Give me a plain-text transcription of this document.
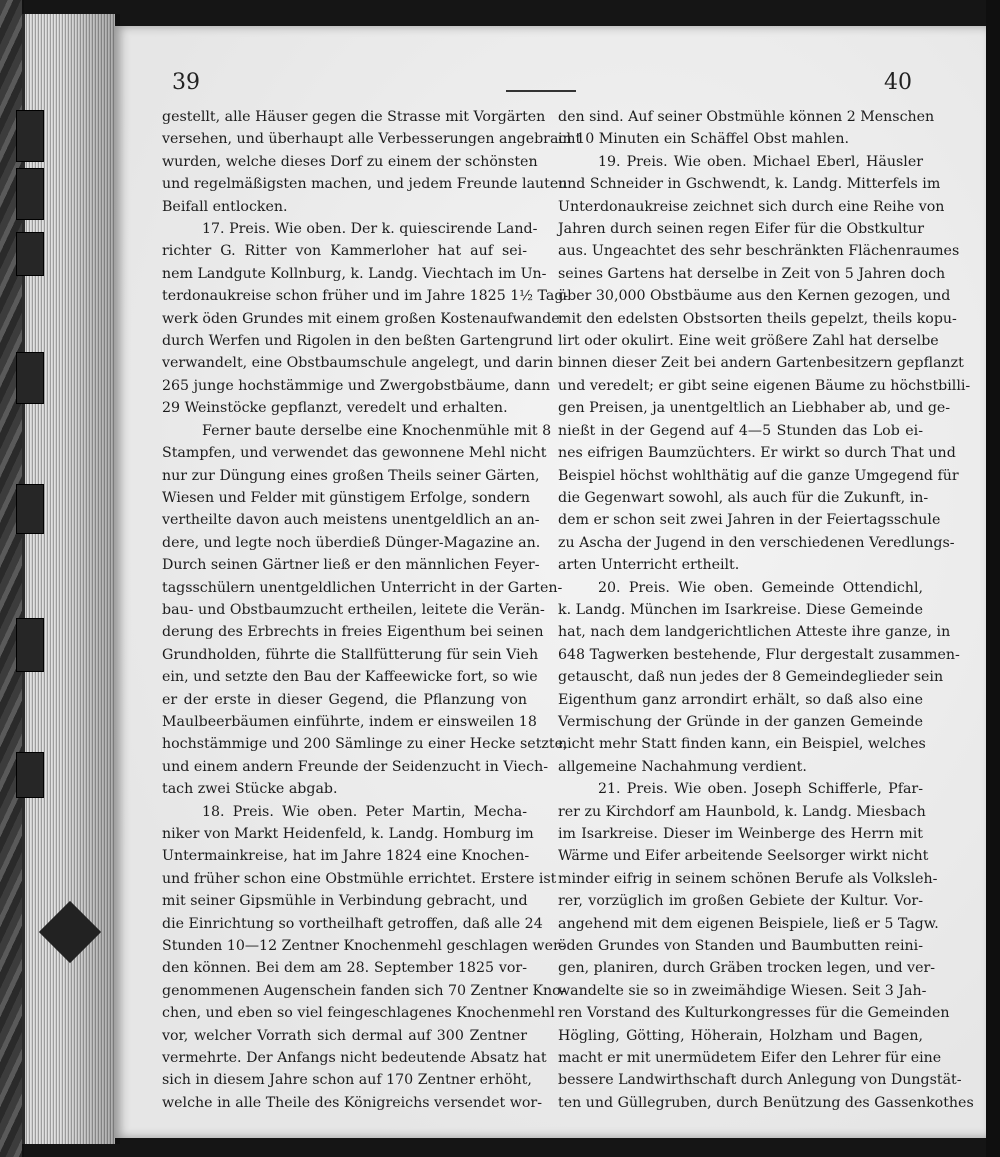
39	40
gestellt, alle Häuser gegen die Strasse mit Vorgärten
versehen, und überhaupt alle Verbesserungen angebracht
wurden, welche dieses Dorf zu einem der schönsten
und regelmäßigsten machen, und jedem Freunde lauten
Beifall entlocken.
17. Preis. Wie oben. Der k. quiescirende Land-
richter G. Ritter von Kammerloher hat auf sei-
nem Landgute Kollnburg, k. Landg. Viechtach im Un-
terdonaukreise schon früher und im Jahre 1825 1½ Tag-
werk öden Grundes mit einem großen Kostenaufwande
durch Werfen und Rigolen in den beßten Gartengrund
verwandelt, eine Obstbaumschule angelegt, und darin
265 junge hochstämmige und Zwergobstbäume, dann
29 Weinstöcke gepflanzt, veredelt und erhalten.
Ferner baute derselbe eine Knochenmühle mit 8
Stampfen, und verwendet das gewonnene Mehl nicht
nur zur Düngung eines großen Theils seiner Gärten,
Wiesen und Felder mit günstigem Erfolge, sondern
vertheilte davon auch meistens unentgeldlich an an-
dere, und legte noch überdieß Dünger-Magazine an.
Durch seinen Gärtner ließ er den männlichen Feyer-
tagsschülern unentgeldlichen Unterricht in der Garten-
bau- und Obstbaumzucht ertheilen, leitete die Verän-
derung des Erbrechts in freies Eigenthum bei seinen
Grundholden, führte die Stallfütterung für sein Vieh
ein, und setzte den Bau der Kaffeewicke fort, so wie
er der erste in dieser Gegend, die Pflanzung von
Maulbeerbäumen einführte, indem er einsweilen 18
hochstämmige und 200 Sämlinge zu einer Hecke setzte,
und einem andern Freunde der Seidenzucht in Viech-
tach zwei Stücke abgab.
18. Preis. Wie oben. Peter Martin, Mecha-
niker von Markt Heidenfeld, k. Landg. Homburg im
Untermainkreise, hat im Jahre 1824 eine Knochen-
und früher schon eine Obstmühle errichtet. Erstere ist
mit seiner Gipsmühle in Verbindung gebracht, und
die Einrichtung so vortheilhaft getroffen, daß alle 24
Stunden 10—12 Zentner Knochenmehl geschlagen wer-
den können. Bei dem am 28. September 1825 vor-
genommenen Augenschein fanden sich 70 Zentner Kno-
chen, und eben so viel feingeschlagenes Knochenmehl
vor, welcher Vorrath sich dermal auf 300 Zentner
vermehrte. Der Anfangs nicht bedeutende Absatz hat
sich in diesem Jahre schon auf 170 Zentner erhöht,
welche in alle Theile des Königreichs versendet wor-
den sind. Auf seiner Obstmühle können 2 Menschen
in 10 Minuten ein Schäffel Obst mahlen.
19. Preis. Wie oben. Michael Eberl, Häusler
und Schneider in Gschwendt, k. Landg. Mitterfels im
Unterdonaukreise zeichnet sich durch eine Reihe von
Jahren durch seinen regen Eifer für die Obstkultur
aus. Ungeachtet des sehr beschränkten Flächenraumes
seines Gartens hat derselbe in Zeit von 5 Jahren doch
über 30,000 Obstbäume aus den Kernen gezogen, und
mit den edelsten Obstsorten theils gepelzt, theils kopu-
lirt oder okulirt. Eine weit größere Zahl hat derselbe
binnen dieser Zeit bei andern Gartenbesitzern gepflanzt
und veredelt; er gibt seine eigenen Bäume zu höchstbilli-
gen Preisen, ja unentgeltlich an Liebhaber ab, und ge-
nießt in der Gegend auf 4—5 Stunden das Lob ei-
nes eifrigen Baumzüchters. Er wirkt so durch That und
Beispiel höchst wohlthätig auf die ganze Umgegend für
die Gegenwart sowohl, als auch für die Zukunft, in-
dem er schon seit zwei Jahren in der Feiertagsschule
zu Ascha der Jugend in den verschiedenen Veredlungs-
arten Unterricht ertheilt.
20. Preis. Wie oben. Gemeinde Ottendichl,
k. Landg. München im Isarkreise. Diese Gemeinde
hat, nach dem landgerichtlichen Atteste ihre ganze, in
648 Tagwerken bestehende, Flur dergestalt zusammen-
getauscht, daß nun jedes der 8 Gemeindeglieder sein
Eigenthum ganz arrondirt erhält, so daß also eine
Vermischung der Gründe in der ganzen Gemeinde
nicht mehr Statt finden kann, ein Beispiel, welches
allgemeine Nachahmung verdient.
21. Preis. Wie oben. Joseph Schifferle, Pfar-
rer zu Kirchdorf am Haunbold, k. Landg. Miesbach
im Isarkreise. Dieser im Weinberge des Herrn mit
Wärme und Eifer arbeitende Seelsorger wirkt nicht
minder eifrig in seinem schönen Berufe als Volksleh-
rer, vorzüglich im großen Gebiete der Kultur. Vor-
angehend mit dem eigenen Beispiele, ließ er 5 Tagw.
öden Grundes von Standen und Baumbutten reini-
gen, planiren, durch Gräben trocken legen, und ver-
wandelte sie so in zweimähdige Wiesen. Seit 3 Jah-
ren Vorstand des Kulturkongresses für die Gemeinden
Högling, Götting, Höherain, Holzham und Bagen,
macht er mit unermüdetem Eifer den Lehrer für eine
bessere Landwirthschaft durch Anlegung von Dungstät-
ten und Güllegruben, durch Benützung des Gassenkothes
